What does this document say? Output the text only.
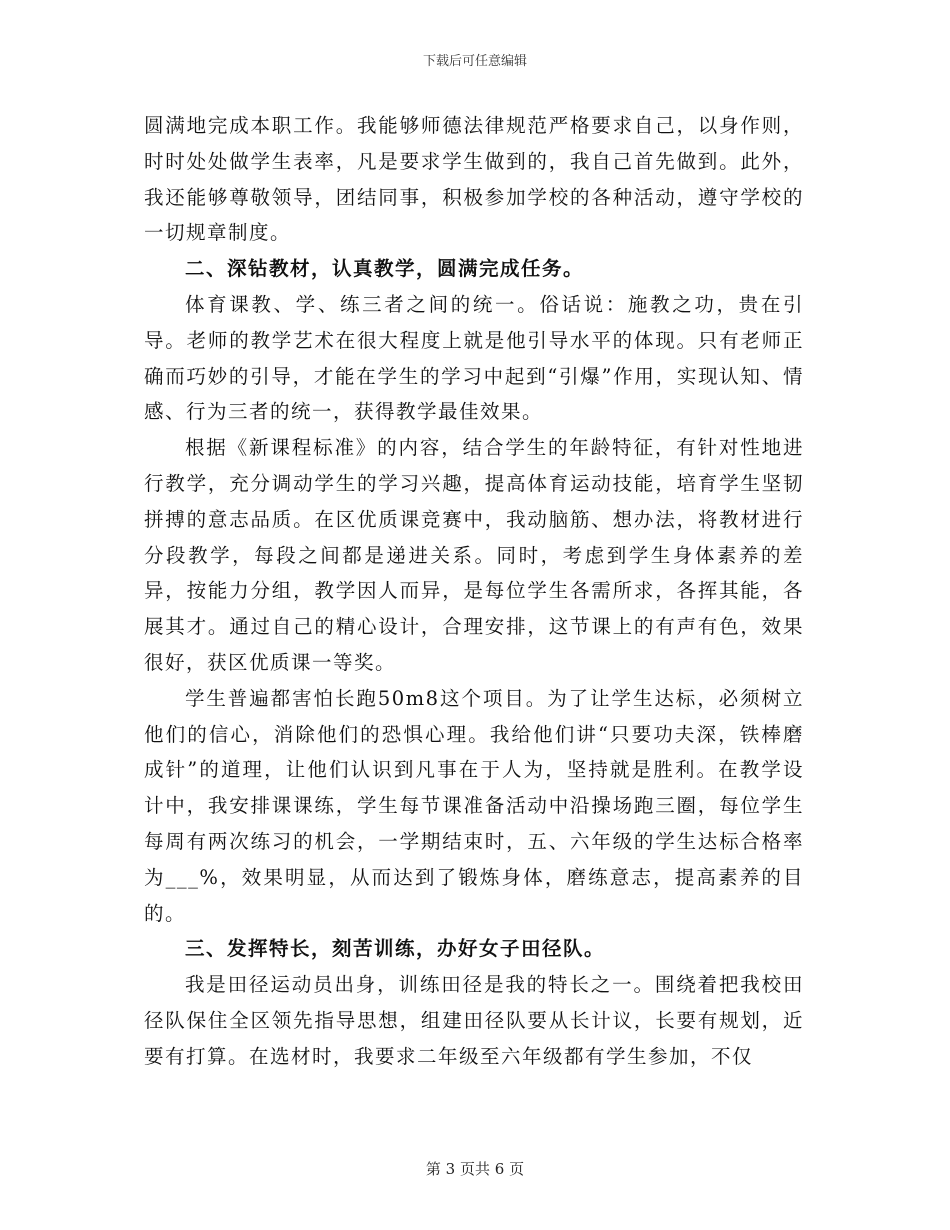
下载后可任意编辑

圆满地完成本职工作。我能够师德法律规范严格要求自己，以身作则，时时处处做学生表率，凡是要求学生做到的，我自己首先做到。此外，我还能够尊敬领导，团结同事，积极参加学校的各种活动，遵守学校的一切规章制度。

二、深钻教材，认真教学，圆满完成任务。

体育课教、学、练三者之间的统一。俗话说：施教之功，贵在引导。老师的教学艺术在很大程度上就是他引导水平的体现。只有老师正确而巧妙的引导，才能在学生的学习中起到“引爆”作用，实现认知、情感、行为三者的统一，获得教学最佳效果。

根据《新课程标准》的内容，结合学生的年龄特征，有针对性地进行教学，充分调动学生的学习兴趣，提高体育运动技能，培育学生坚韧拼搏的意志品质。在区优质课竞赛中，我动脑筋、想办法，将教材进行分段教学，每段之间都是递进关系。同时，考虑到学生身体素养的差异，按能力分组，教学因人而异，是每位学生各需所求，各挥其能，各展其才。通过自己的精心设计，合理安排，这节课上的有声有色，效果很好，获区优质课一等奖。

学生普遍都害怕长跑50m8这个项目。为了让学生达标，必须树立他们的信心，消除他们的恐惧心理。我给他们讲“只要功夫深，铁棒磨成针”的道理，让他们认识到凡事在于人为，坚持就是胜利。在教学设计中，我安排课课练，学生每节课准备活动中沿操场跑三圈，每位学生每周有两次练习的机会，一学期结束时，五、六年级的学生达标合格率为___%，效果明显，从而达到了锻炼身体，磨练意志，提高素养的目的。

三、发挥特长，刻苦训练，办好女子田径队。

我是田径运动员出身，训练田径是我的特长之一。围绕着把我校田径队保住全区领先指导思想，组建田径队要从长计议，长要有规划，近要有打算。在选材时，我要求二年级至六年级都有学生参加，不仅

第 3 页共 6 页
